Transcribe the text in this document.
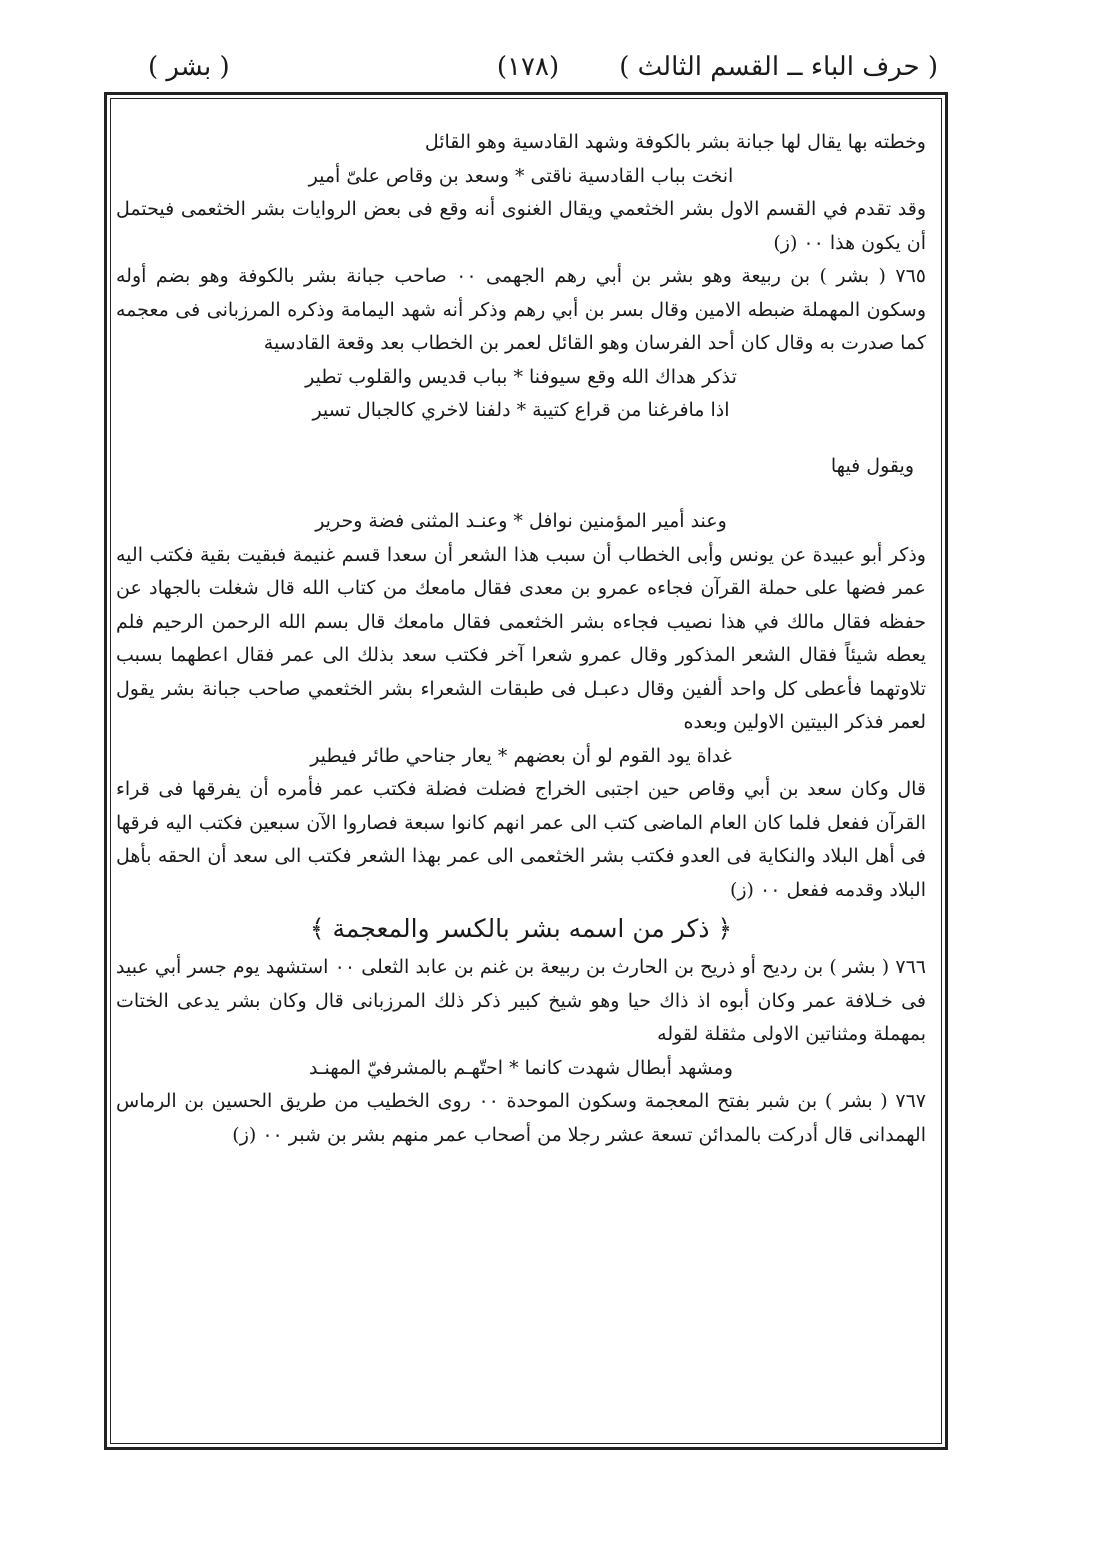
( حرف الباء ــ القسم الثالث )
(١٧٨)
( بشر )

وخطته بها يقال لها جبانة بشر بالكوفة وشهد القادسية وهو القائل

انخت بباب القادسية ناقتى * وسعد بن وقاص علىّ أمير

وقد تقدم في القسم الاول بشر الخثعمي ويقال الغنوى أنه وقع فى بعض الروايات بشر الخثعمى فيحتمل أن يكون هذا ٠٠ (ز)

٧٦٥ ( بشر ) بن ربيعة وهو بشر بن أبي رهم الجهمى ٠٠ صاحب جبانة بشر بالكوفة وهو بضم أوله وسكون المهملة ضبطه الامين وقال بسر بن أبي رهم وذكر أنه شهد اليمامة وذكره المرزبانى فى معجمه كما صدرت به وقال كان أحد الفرسان وهو القائل لعمر بن الخطاب بعد وقعة القادسية

تذكر هداك الله وقع سيوفنا * بباب قديس والقلوب تطير

اذا مافرغنا من قراع كتيبة * دلفنا لاخري كالجبال تسير

ويقول فيها

وعند أمير المؤمنين نوافل * وعنـد المثنى فضة وحرير

وذكر أبو عبيدة عن يونس وأبى الخطاب أن سبب هذا الشعر أن سعدا قسم غنيمة فبقيت بقية فكتب اليه عمر فضها على حملة القرآن فجاءه عمرو بن معدى فقال مامعك من كتاب الله قال شغلت بالجهاد عن حفظه فقال مالك في هذا نصيب فجاءه بشر الخثعمى فقال مامعك قال بسم الله الرحمن الرحيم فلم يعطه شيئاً فقال الشعر المذكور وقال عمرو شعرا آخر فكتب سعد بذلك الى عمر فقال اعطهما بسبب تلاوتهما فأعطى كل واحد ألفين وقال دعبـل فى طبقات الشعراء بشر الخثعمي صاحب جبانة بشر يقول لعمر فذكر البيتين الاولين وبعده

غداة يود القوم لو أن بعضهم * يعار جناحي طائر فيطير

قال وكان سعد بن أبي وقاص حين اجتبى الخراج فضلت فضلة فكتب عمر فأمره أن يفرقها فى قراء القرآن ففعل فلما كان العام الماضى كتب الى عمر انهم كانوا سبعة فصاروا الآن سبعين فكتب اليه فرقها فى أهل البلاد والنكاية فى العدو فكتب بشر الخثعمى الى عمر بهذا الشعر فكتب الى سعد أن الحقه بأهل البلاد وقدمه ففعل ٠٠ (ز)

﴿ ذكر من اسمه بشر بالكسر والمعجمة ﴾

٧٦٦ ( بشر ) بن رديح أو ذريح بن الحارث بن ربيعة بن غنم بن عابد الثعلى ٠٠ استشهد يوم جسر أبي عبيد فى خـلافة عمر وكان أبوه اذ ذاك حيا وهو شيخ كبير ذكر ذلك المرزبانى قال وكان بشر يدعى الختات بمهملة ومثناتين الاولى مثقلة لقوله

ومشهد أبطال شهدت كانما * احتّهـم بالمشرفيّ المهنـد

٧٦٧ ( بشر ) بن شبر بفتح المعجمة وسكون الموحدة ٠٠ روى الخطيب من طريق الحسين بن الرماس الهمدانى قال أدركت بالمدائن تسعة عشر رجلا من أصحاب عمر منهم بشر بن شبر ٠٠ (ز)
